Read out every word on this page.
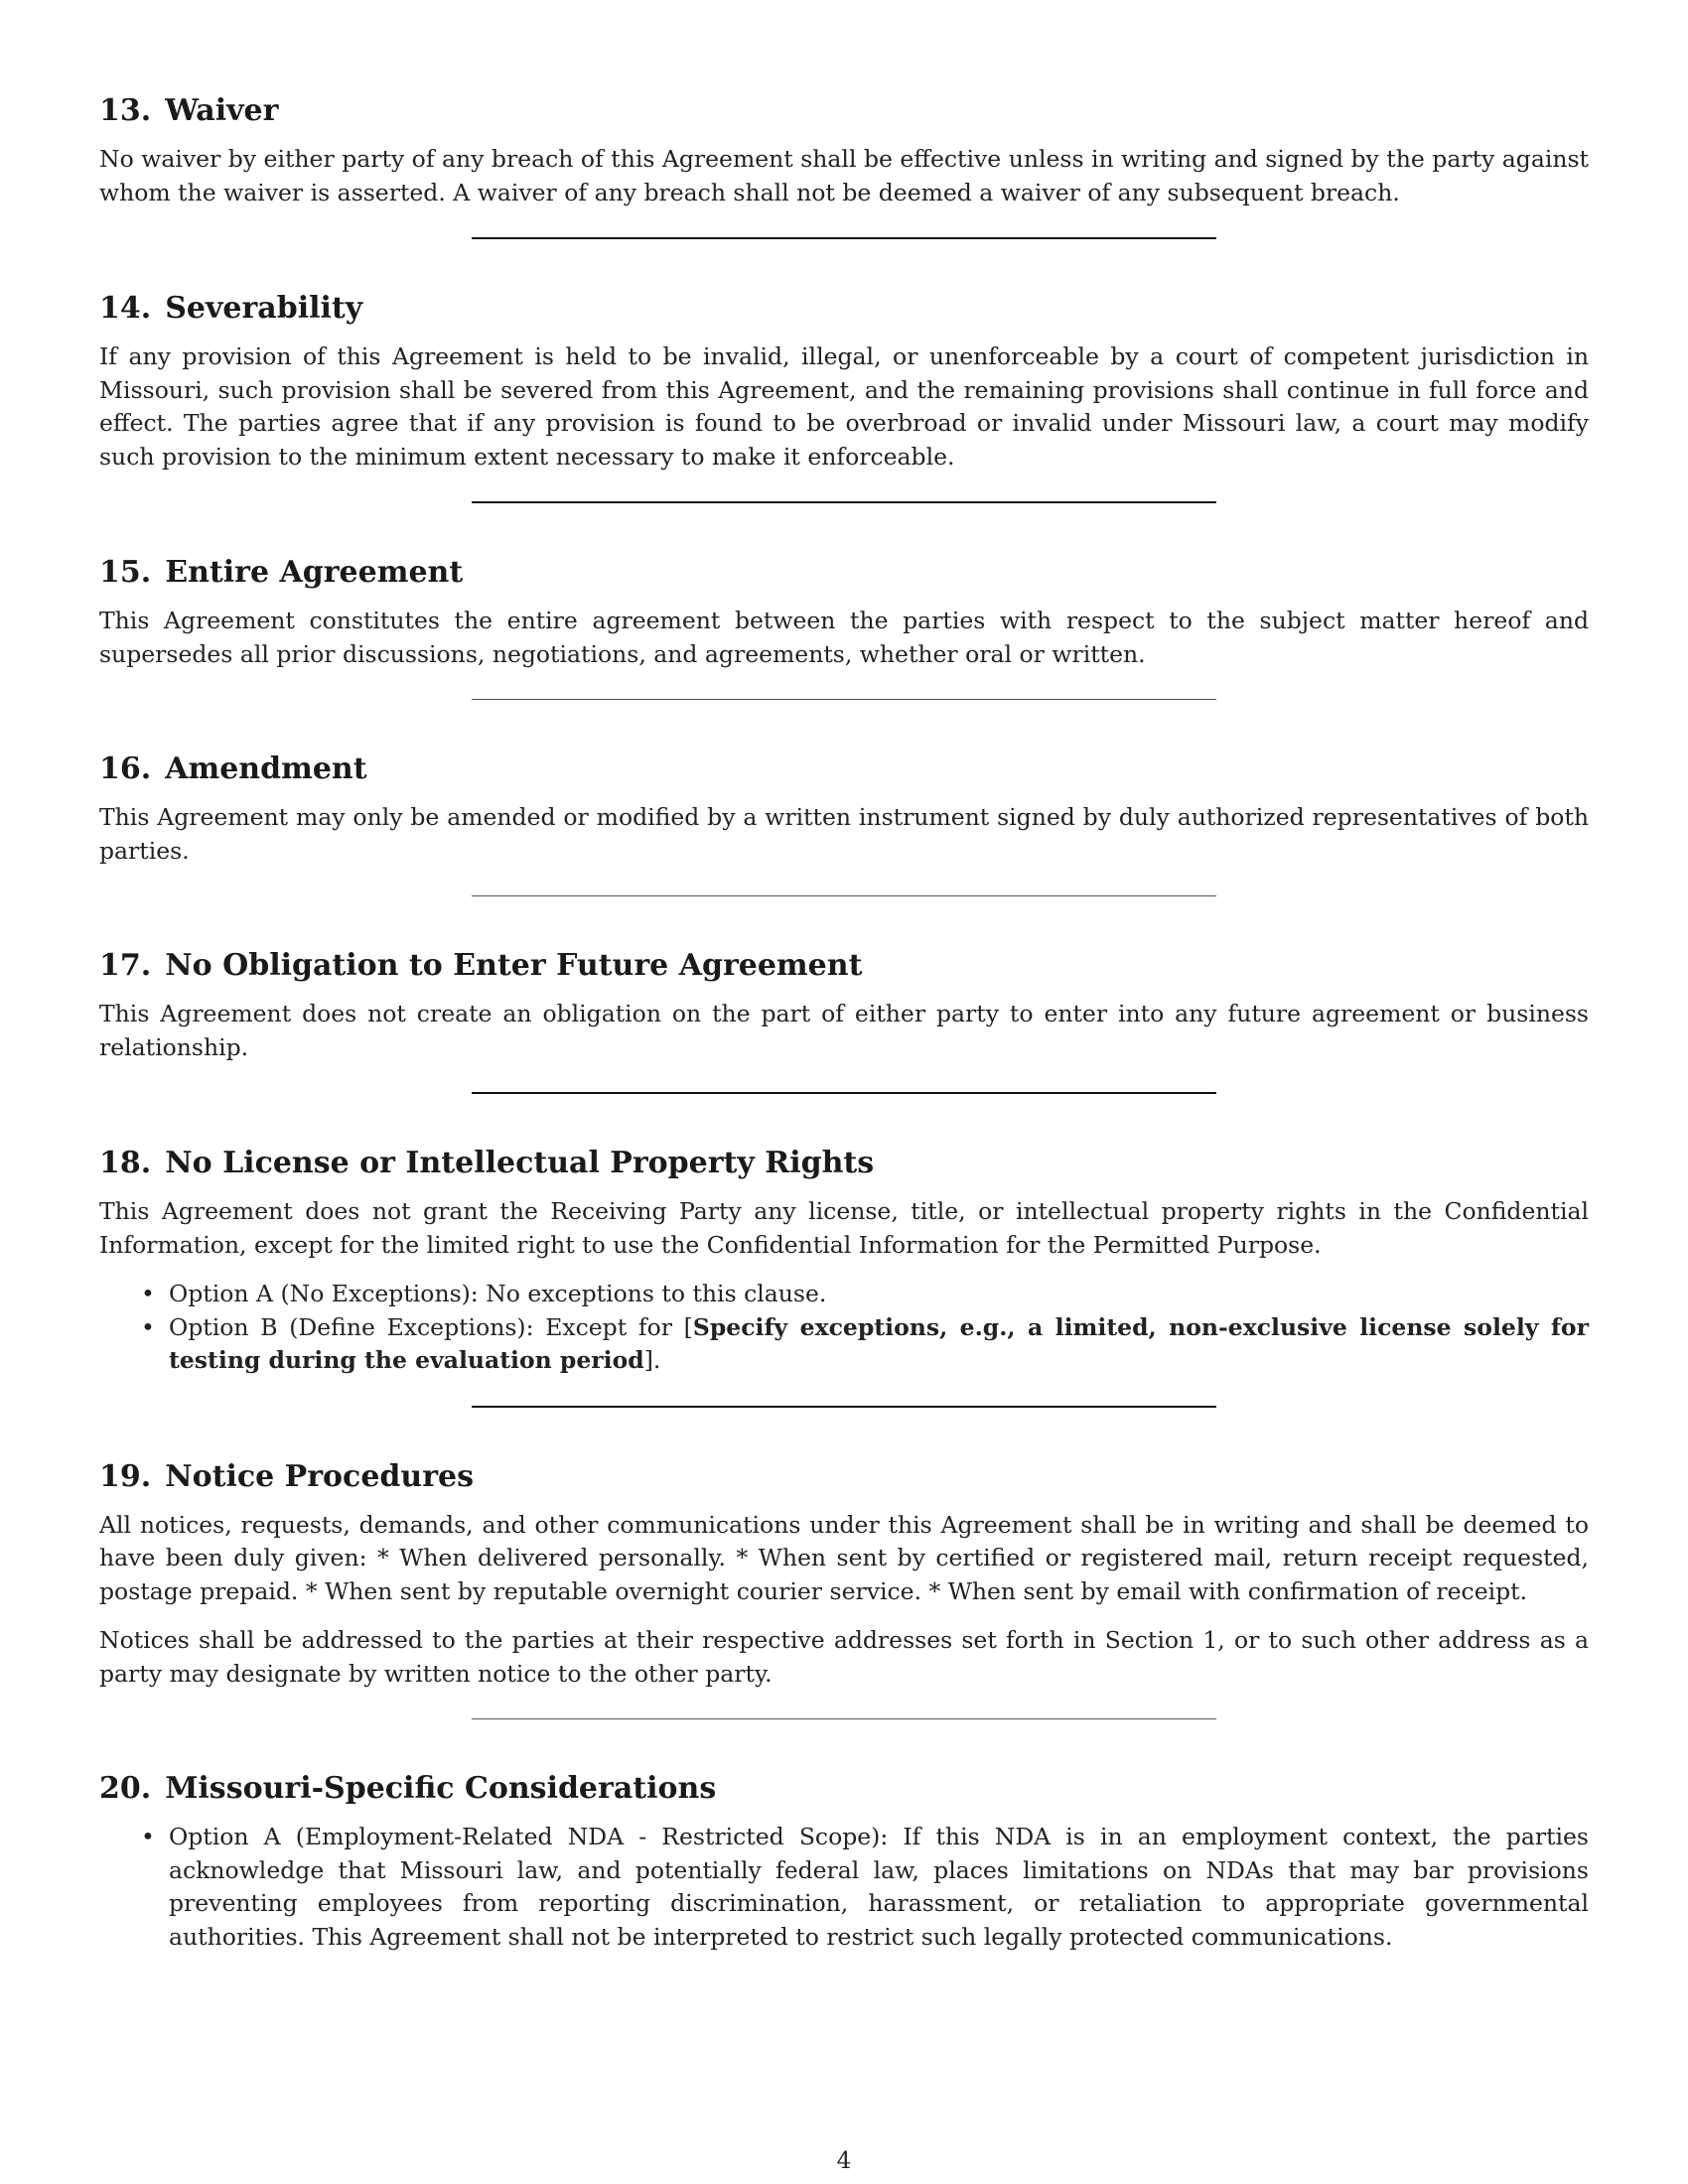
13. Waiver

No waiver by either party of any breach of this Agreement shall be effective unless in writing and signed by the party against whom the waiver is asserted. A waiver of any breach shall not be deemed a waiver of any subsequent breach.

14. Severability

If any provision of this Agreement is held to be invalid, illegal, or unenforceable by a court of competent jurisdiction in Missouri, such provision shall be severed from this Agreement, and the remaining provisions shall continue in full force and effect. The parties agree that if any provision is found to be overbroad or invalid under Missouri law, a court may modify such provision to the minimum extent necessary to make it enforceable.

15. Entire Agreement

This Agreement constitutes the entire agreement between the parties with respect to the subject matter hereof and supersedes all prior discussions, negotiations, and agreements, whether oral or written.

16. Amendment

This Agreement may only be amended or modified by a written instrument signed by duly authorized representatives of both parties.

17. No Obligation to Enter Future Agreement

This Agreement does not create an obligation on the part of either party to enter into any future agreement or business relationship.

18. No License or Intellectual Property Rights

This Agreement does not grant the Receiving Party any license, title, or intellectual property rights in the Confidential Information, except for the limited right to use the Confidential Information for the Permitted Purpose.

• Option A (No Exceptions): No exceptions to this clause.
• Option B (Define Exceptions): Except for [Specify exceptions, e.g., a limited, non-exclusive license solely for testing during the evaluation period].
19. Notice Procedures

All notices, requests, demands, and other communications under this Agreement shall be in writing and shall be deemed to have been duly given: * When delivered personally. * When sent by certified or registered mail, return receipt requested, postage prepaid. * When sent by reputable overnight courier service. * When sent by email with confirmation of receipt.

Notices shall be addressed to the parties at their respective addresses set forth in Section 1, or to such other address as a party may designate by written notice to the other party.

20. Missouri-Specific Considerations
• Option A (Employment-Related NDA - Restricted Scope): If this NDA is in an employment context, the parties acknowledge that Missouri law, and potentially federal law, places limitations on NDAs that may bar provisions preventing employees from reporting discrimination, harassment, or retaliation to appropriate governmental authorities. This Agreement shall not be interpreted to restrict such legally protected communications.
4
